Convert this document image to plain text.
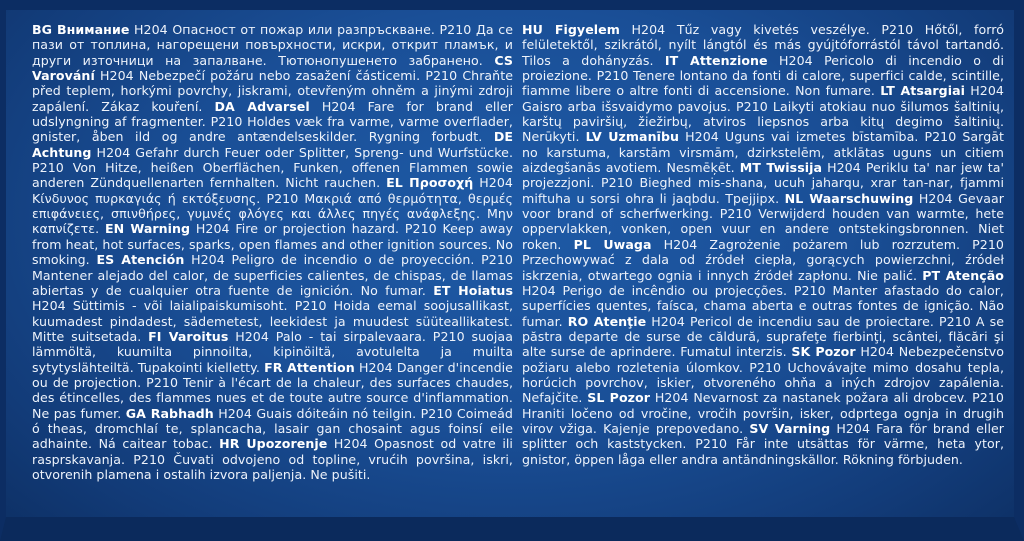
BG Внимание H204 Опасност от пожар или разпръскване. P210 Да се пази от топлина, нагорещени повърхности, искри, открит пламък, и други източници на запалване. Тютюнопушенето забранено. CS Varování H204 Nebezpečí požáru nebo zasažení částicemi. P210 Chraňte před teplem, horkými povrchy, jiskrami, otevřeným ohněm a jinými zdroji zapálení. Zákaz kouření. DA Advarsel H204 Fare for brand eller udslyngning af fragmenter. P210 Holdes væk fra varme, varme overflader, gnister, åben ild og andre antændelseskilder. Rygning forbudt. DE Achtung H204 Gefahr durch Feuer oder Splitter, Spreng- und Wurfstücke. P210 Von Hitze, heißen Oberflächen, Funken, offenen Flammen sowie anderen Zündquellenarten fernhalten. Nicht rauchen. EL Προσοχή H204 Κίνδυνος πυρκαγιάς ή εκτόξευσης. P210 Μακριά από θερμότητα, θερμές επιφάνειες, σπινθήρες, γυμνές φλόγες και άλλες πηγές ανάφλεξης. Μην καπνίζετε. EN Warning H204 Fire or projection hazard. P210 Keep away from heat, hot surfaces, sparks, open flames and other ignition sources. No smoking. ES Atención H204 Peligro de incendio o de proyección. P210 Mantener alejado del calor, de superficies calientes, de chispas, de llamas abiertas y de cualquier otra fuente de ignición. No fumar. ET Hoiatus H204 Süttimis - või laialipaiskumisoht. P210 Hoida eemal soojusallikast, kuumadest pindadest, sädemetest, leekidest ja muudest süüteallikatest. Mitte suitsetada. FI Varoitus H204 Palo - tai sirpalevaara. P210 suojaa lämmöltä, kuumilta pinnoilta, kipinöiltä, avotulelta ja muilta sytytyslähteiltä. Tupakointi kielletty. FR Attention H204 Danger d'incendie ou de projection. P210 Tenir à l'écart de la chaleur, des surfaces chaudes, des étincelles, des flammes nues et de toute autre source d'inflammation. Ne pas fumer. GA Rabhadh H204 Guais dóiteáin nó teilgin. P210 Coimeád ó theas, dromchlaí te, splancacha, lasair gan chosaint agus foinsí eile adhainte. Ná caitear tobac. HR Upozorenje H204 Opasnost od vatre ili rasprskavanja. P210 Čuvati odvojeno od topline, vrućih površina, iskri, otvorenih plamena i ostalih izvora paljenja. Ne pušiti.
HU Figyelem H204 Tűz vagy kivetés veszélye. P210 Hőtől, forró felületektől, szikrától, nyílt lángtól és más gyújtóforrástól távol tartandó. Tilos a dohányzás. IT Attenzione H204 Pericolo di incendio o di proiezione. P210 Tenere lontano da fonti di calore, superfici calde, scintille, fiamme libere o altre fonti di accensione. Non fumare. LT Atsargiai H204 Gaisro arba išsvaidymo pavojus. P210 Laikyti atokiau nuo šilumos šaltinių, karštų paviršių, žiežirbų, atviros liepsnos arba kitų degimo šaltinių. Nerūkyti. LV Uzmanību H204 Uguns vai izmetes bīstamība. P210 Sargāt no karstuma, karstām virsmām, dzirkstelēm, atklātas uguns un citiem aizdegšanās avotiem. Nesmēķēt. MT Twissija H204 Periklu ta' nar jew ta' projezzjoni. P210 Bieghed mis-shana, ucuh jaharqu, xrar tan-nar, fjammi miftuha u sorsi ohra li jaqbdu. Tpejjipx. NL Waarschuwing H204 Gevaar voor brand of scherfwerking. P210 Verwijderd houden van warmte, hete oppervlakken, vonken, open vuur en andere ontstekingsbronnen. Niet roken. PL Uwaga H204 Zagrożenie pożarem lub rozrzutem. P210 Przechowywać z dala od źródeł ciepła, gorących powierzchni, źródeł iskrzenia, otwartego ognia i innych źródeł zapłonu. Nie palić. PT Atenção H204 Perigo de incêndio ou projecções. P210 Manter afastado do calor, superfícies quentes, faísca, chama aberta e outras fontes de ignição. Não fumar. RO Atenţie H204 Pericol de incendiu sau de proiectare. P210 A se păstra departe de surse de căldură, suprafeţe fierbinţi, scântei, flăcări şi alte surse de aprindere. Fumatul interzis. SK Pozor H204 Nebezpečenstvo požiaru alebo rozletenia úlomkov. P210 Uchovávajte mimo dosahu tepla, horúcich povrchov, iskier, otvoreného ohňa a iných zdrojov zapálenia. Nefajčite. SL Pozor H204 Nevarnost za nastanek požara ali drobcev. P210 Hraniti ločeno od vročine, vročih površin, isker, odprtega ognja in drugih virov vžiga. Kajenje prepovedano. SV Varning H204 Fara för brand eller splitter och kaststycken. P210 Får inte utsättas för värme, heta ytor, gnistor, öppen låga eller andra antändningskällor. Rökning förbjuden.
